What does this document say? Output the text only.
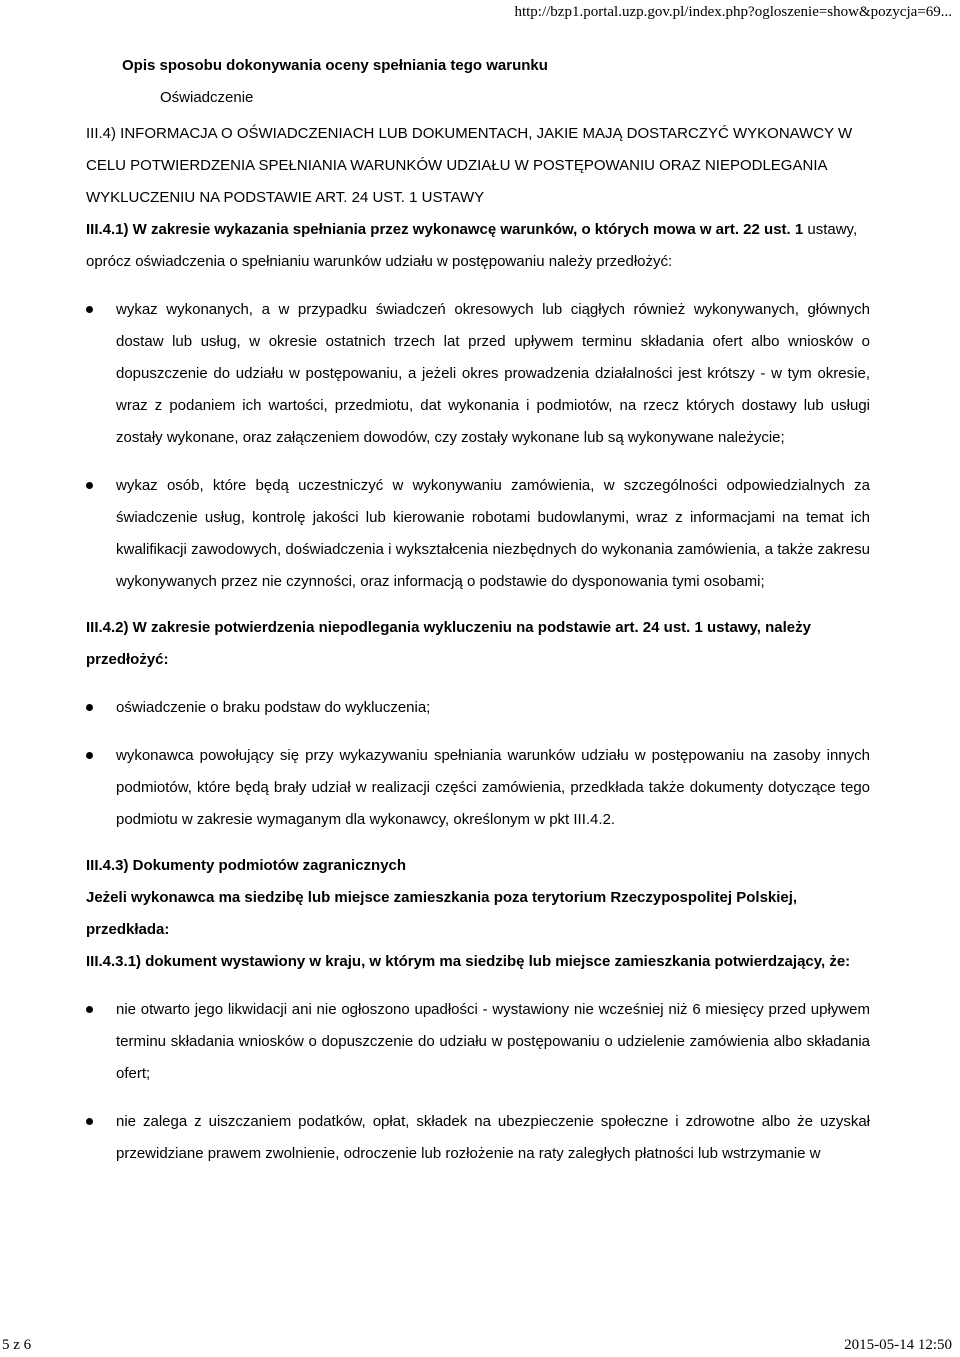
http://bzp1.portal.uzp.gov.pl/index.php?ogloszenie=show&pozycja=69...
Opis sposobu dokonywania oceny spełniania tego warunku
Oświadczenie

III.4) INFORMACJA O OŚWIADCZENIACH LUB DOKUMENTACH, JAKIE MAJĄ DOSTARCZYĆ WYKONAWCY W CELU POTWIERDZENIA SPEŁNIANIA WARUNKÓW UDZIAŁU W POSTĘPOWANIU ORAZ NIEPODLEGANIA WYKLUCZENIU NA PODSTAWIE ART. 24 UST. 1 USTAWY

III.4.1) W zakresie wykazania spełniania przez wykonawcę warunków, o których mowa w art. 22 ust. 1 ustawy, oprócz oświadczenia o spełnianiu warunków udziału w postępowaniu należy przedłożyć:

wykaz wykonanych, a w przypadku świadczeń okresowych lub ciągłych również wykonywanych, głównych dostaw lub usług, w okresie ostatnich trzech lat przed upływem terminu składania ofert albo wniosków o dopuszczenie do udziału w postępowaniu, a jeżeli okres prowadzenia działalności jest krótszy - w tym okresie, wraz z podaniem ich wartości, przedmiotu, dat wykonania i podmiotów, na rzecz których dostawy lub usługi zostały wykonane, oraz załączeniem dowodów, czy zostały wykonane lub są wykonywane należycie;
wykaz osób, które będą uczestniczyć w wykonywaniu zamówienia, w szczególności odpowiedzialnych za świadczenie usług, kontrolę jakości lub kierowanie robotami budowlanymi, wraz z informacjami na temat ich kwalifikacji zawodowych, doświadczenia i wykształcenia niezbędnych do wykonania zamówienia, a także zakresu wykonywanych przez nie czynności, oraz informacją o podstawie do dysponowania tymi osobami;

III.4.2) W zakresie potwierdzenia niepodlegania wykluczeniu na podstawie art. 24 ust. 1 ustawy, należy przedłożyć:

oświadczenie o braku podstaw do wykluczenia;
wykonawca powołujący się przy wykazywaniu spełniania warunków udziału w postępowaniu na zasoby innych podmiotów, które będą brały udział w realizacji części zamówienia, przedkłada także dokumenty dotyczące tego podmiotu w zakresie wymaganym dla wykonawcy, określonym w pkt III.4.2.

III.4.3) Dokumenty podmiotów zagranicznych

Jeżeli wykonawca ma siedzibę lub miejsce zamieszkania poza terytorium Rzeczypospolitej Polskiej, przedkłada:

III.4.3.1) dokument wystawiony w kraju, w którym ma siedzibę lub miejsce zamieszkania potwierdzający, że:

nie otwarto jego likwidacji ani nie ogłoszono upadłości - wystawiony nie wcześniej niż 6 miesięcy przed upływem terminu składania wniosków o dopuszczenie do udziału w postępowaniu o udzielenie zamówienia albo składania ofert;
nie zalega z uiszczaniem podatków, opłat, składek na ubezpieczenie społeczne i zdrowotne albo że uzyskał przewidziane prawem zwolnienie, odroczenie lub rozłożenie na raty zaległych płatności lub wstrzymanie w
5 z 6	2015-05-14 12:50
